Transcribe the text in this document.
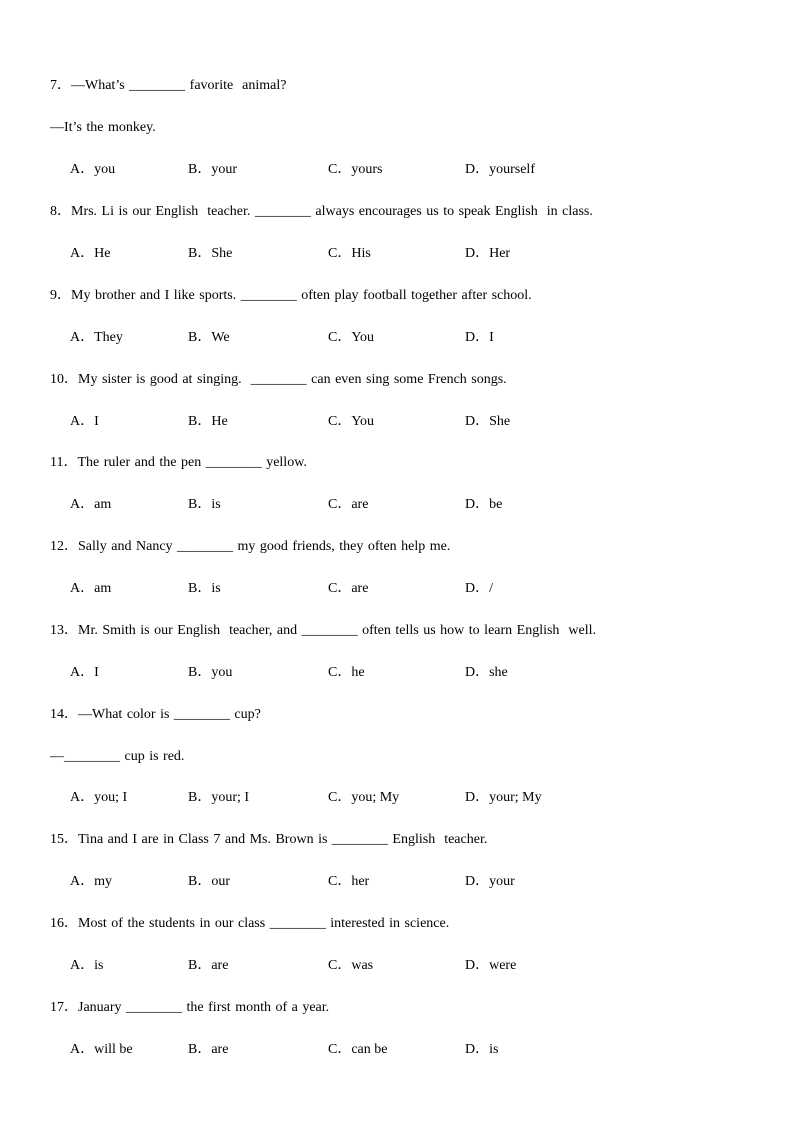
7．—What’s ________ favorite  animal?
—It’s the monkey.
A．you	B．your	C．yours	D．yourself
8．Mrs. Li is our English  teacher. ________ always encourages us to speak English  in class.
A．He	B．She	C．His	D．Her
9．My brother and I like sports. ________ often play football together after school.
A．They	B．We	C．You	D．I
10．My sister is good at singing.  ________ can even sing some French songs.
A．I	B．He	C．You	D．She
11．The ruler and the pen ________ yellow.
A．am	B．is	C．are	D．be
12．Sally and Nancy ________ my good friends, they often help me.
A．am	B．is	C．are	D．/
13．Mr. Smith is our English  teacher, and ________ often tells us how to learn English  well.
A．I	B．you	C．he	D．she
14．—What color is ________ cup?
—________ cup is red.
A．you; I	B．your; I	C．you; My	D．your; My
15．Tina and I are in Class 7 and Ms. Brown is ________ English  teacher.
A．my	B．our	C．her	D．your
16．Most of the students in our class ________ interested in science.
A．is	B．are	C．was	D．were
17．January ________ the first month of a year.
A．will be	B．are	C．can be	D．is
